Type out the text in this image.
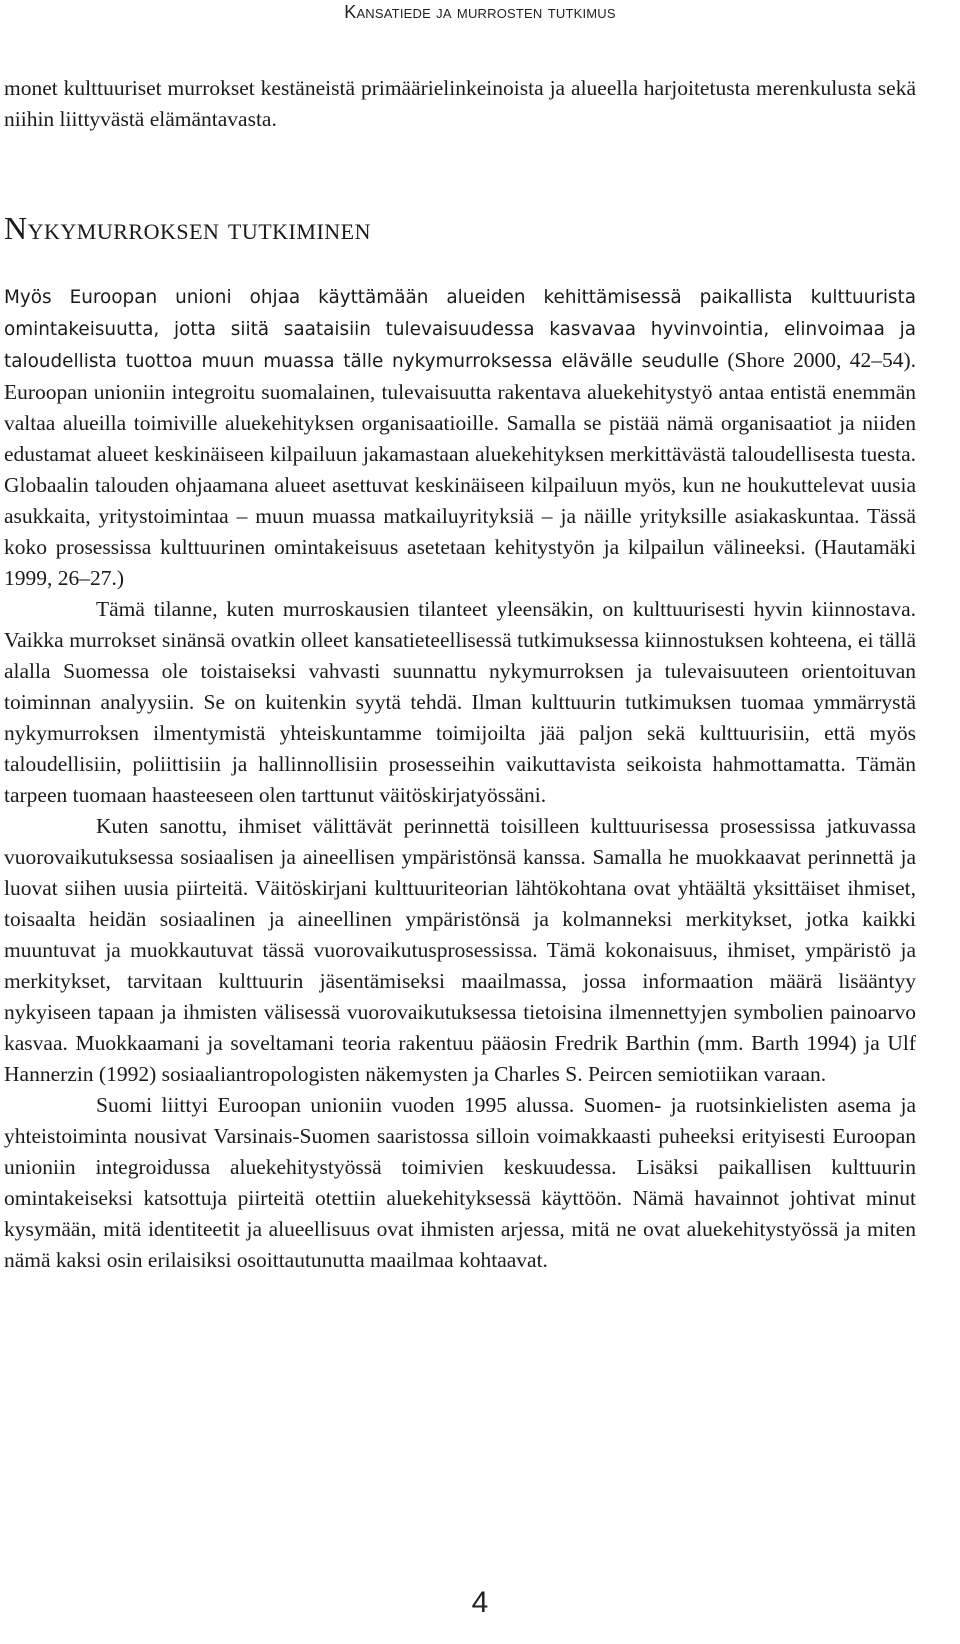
Kansatiede ja murrosten tutkimus
monet kulttuuriset murrokset kestäneistä primäärielinkeinoista ja alueella harjoitetusta merenkulusta sekä niihin liittyvästä elämäntavasta.
Nykymurroksen tutkiminen

Myös Euroopan unioni ohjaa käyttämään alueiden kehittämisessä paikallista kulttuurista omintakeisuutta, jotta siitä saataisiin tulevaisuudessa kasvavaa hyvinvointia, elinvoimaa ja taloudellista tuottoa muun muassa tälle nykymurroksessa elävälle seudulle (Shore 2000, 42–54). Euroopan unioniin integroitu suomalainen, tulevaisuutta rakentava aluekehitystyö antaa entistä enemmän valtaa alueilla toimiville aluekehityksen organisaatioille. Samalla se pistää nämä organisaatiot ja niiden edustamat alueet keskinäiseen kilpailuun jakamastaan aluekehityksen merkittävästä taloudellisesta tuesta. Globaalin talouden ohjaamana alueet asettuvat keskinäiseen kilpailuun myös, kun ne houkuttelevat uusia asukkaita, yritystoimintaa – muun muassa matkailuyrityksiä – ja näille yrityksille asiakaskuntaa. Tässä koko prosessissa kulttuurinen omintakeisuus asetetaan kehitystyön ja kilpailun välineeksi. (Hautamäki 1999, 26–27.)

Tämä tilanne, kuten murroskausien tilanteet yleensäkin, on kulttuurisesti hyvin kiinnostava. Vaikka murrokset sinänsä ovatkin olleet kansatieteellisessä tutkimuksessa kiinnostuksen kohteena, ei tällä alalla Suomessa ole toistaiseksi vahvasti suunnattu nykymurroksen ja tulevaisuuteen orientoituvan toiminnan analyysiin. Se on kuitenkin syytä tehdä. Ilman kulttuurin tutkimuksen tuomaa ymmärrystä nykymurroksen ilmentymistä yhteiskuntamme toimijoilta jää paljon sekä kulttuurisiin, että myös taloudellisiin, poliittisiin ja hallinnollisiin prosesseihin vaikuttavista seikoista hahmottamatta. Tämän tarpeen tuomaan haasteeseen olen tarttunut väitöskirjatyössäni.

Kuten sanottu, ihmiset välittävät perinnettä toisilleen kulttuurisessa prosessissa jatkuvassa vuorovaikutuksessa sosiaalisen ja aineellisen ympäristönsä kanssa. Samalla he muokkaavat perinnettä ja luovat siihen uusia piirteitä. Väitöskirjani kulttuuriteorian lähtökohtana ovat yhtäältä yksittäiset ihmiset, toisaalta heidän sosiaalinen ja aineellinen ympäristönsä ja kolmanneksi merkitykset, jotka kaikki muuntuvat ja muokkautuvat tässä vuorovaikutusprosessissa. Tämä kokonaisuus, ihmiset, ympäristö ja merkitykset, tarvitaan kulttuurin jäsentämiseksi maailmassa, jossa informaation määrä lisääntyy nykyiseen tapaan ja ihmisten välisessä vuorovaikutuksessa tietoisina ilmennettyjen symbolien painoarvo kasvaa. Muokkaamani ja soveltamani teoria rakentuu pääosin Fredrik Barthin (mm. Barth 1994) ja Ulf Hannerzin (1992) sosiaaliantropologisten näkemysten ja Charles S. Peircen semiotiikan varaan.

Suomi liittyi Euroopan unioniin vuoden 1995 alussa. Suomen- ja ruotsinkielisten asema ja yhteistoiminta nousivat Varsinais-Suomen saaristossa silloin voimakkaasti puheeksi erityisesti Euroopan unioniin integroidussa aluekehitystyössä toimivien keskuudessa. Lisäksi paikallisen kulttuurin omintakeiseksi katsottuja piirteitä otettiin aluekehityksessä käyttöön. Nämä havainnot johtivat minut kysymään, mitä identiteetit ja alueellisuus ovat ihmisten arjessa, mitä ne ovat aluekehitystyössä ja miten nämä kaksi osin erilaisiksi osoittautunutta maailmaa kohtaavat.

4
